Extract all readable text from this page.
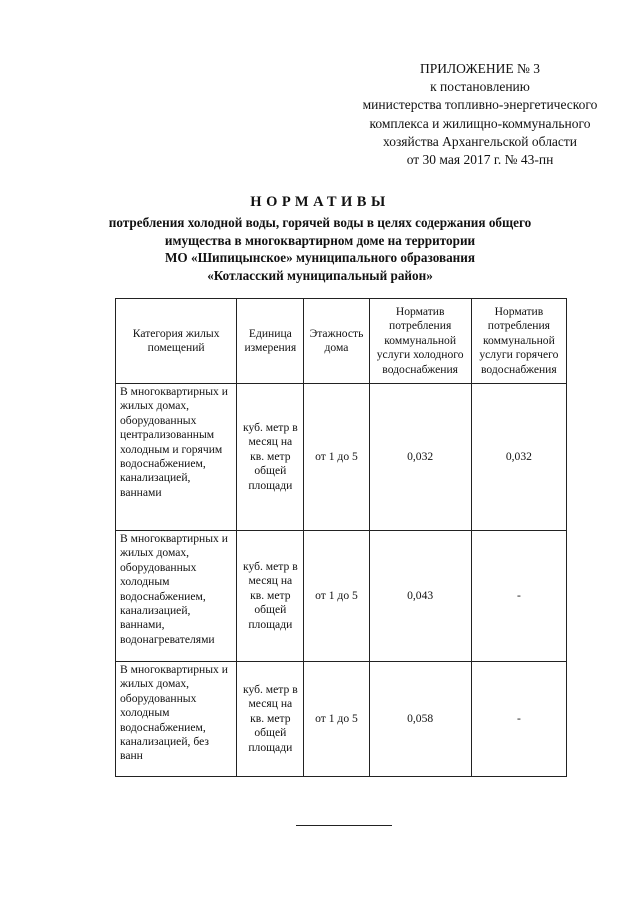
ПРИЛОЖЕНИЕ № 3
к постановлению
министерства топливно-энергетического
комплекса и жилищно-коммунального
хозяйства Архангельской области
от 30 мая 2017 г. № 43-пн
НОРМАТИВЫ
потребления холодной воды, горячей воды в целях содержания общего
имущества в многоквартирном доме на территории
МО «Шипицынское» муниципального образования
«Котласский муниципальный район»
Категория жилых помещений	Единица измерения	Этажность дома	Норматив потребления коммунальной услуги холодного водоснабжения	Норматив потребления коммунальной услуги горячего водоснабжения
В многоквартирных и жилых домах, оборудованных централизованным холодным и горячим водоснабжением, канализацией, ваннами	куб. метр в месяц на кв. метр общей площади	от 1 до 5	0,032	0,032
В многоквартирных и жилых домах, оборудованных холодным водоснабжением, канализацией, ваннами, водонагревателями	куб. метр в месяц на кв. метр общей площади	от 1 до 5	0,043	-
В многоквартирных и жилых домах, оборудованных холодным водоснабжением, канализацией, без ванн	куб. метр в месяц на кв. метр общей площади	от 1 до 5	0,058	-
